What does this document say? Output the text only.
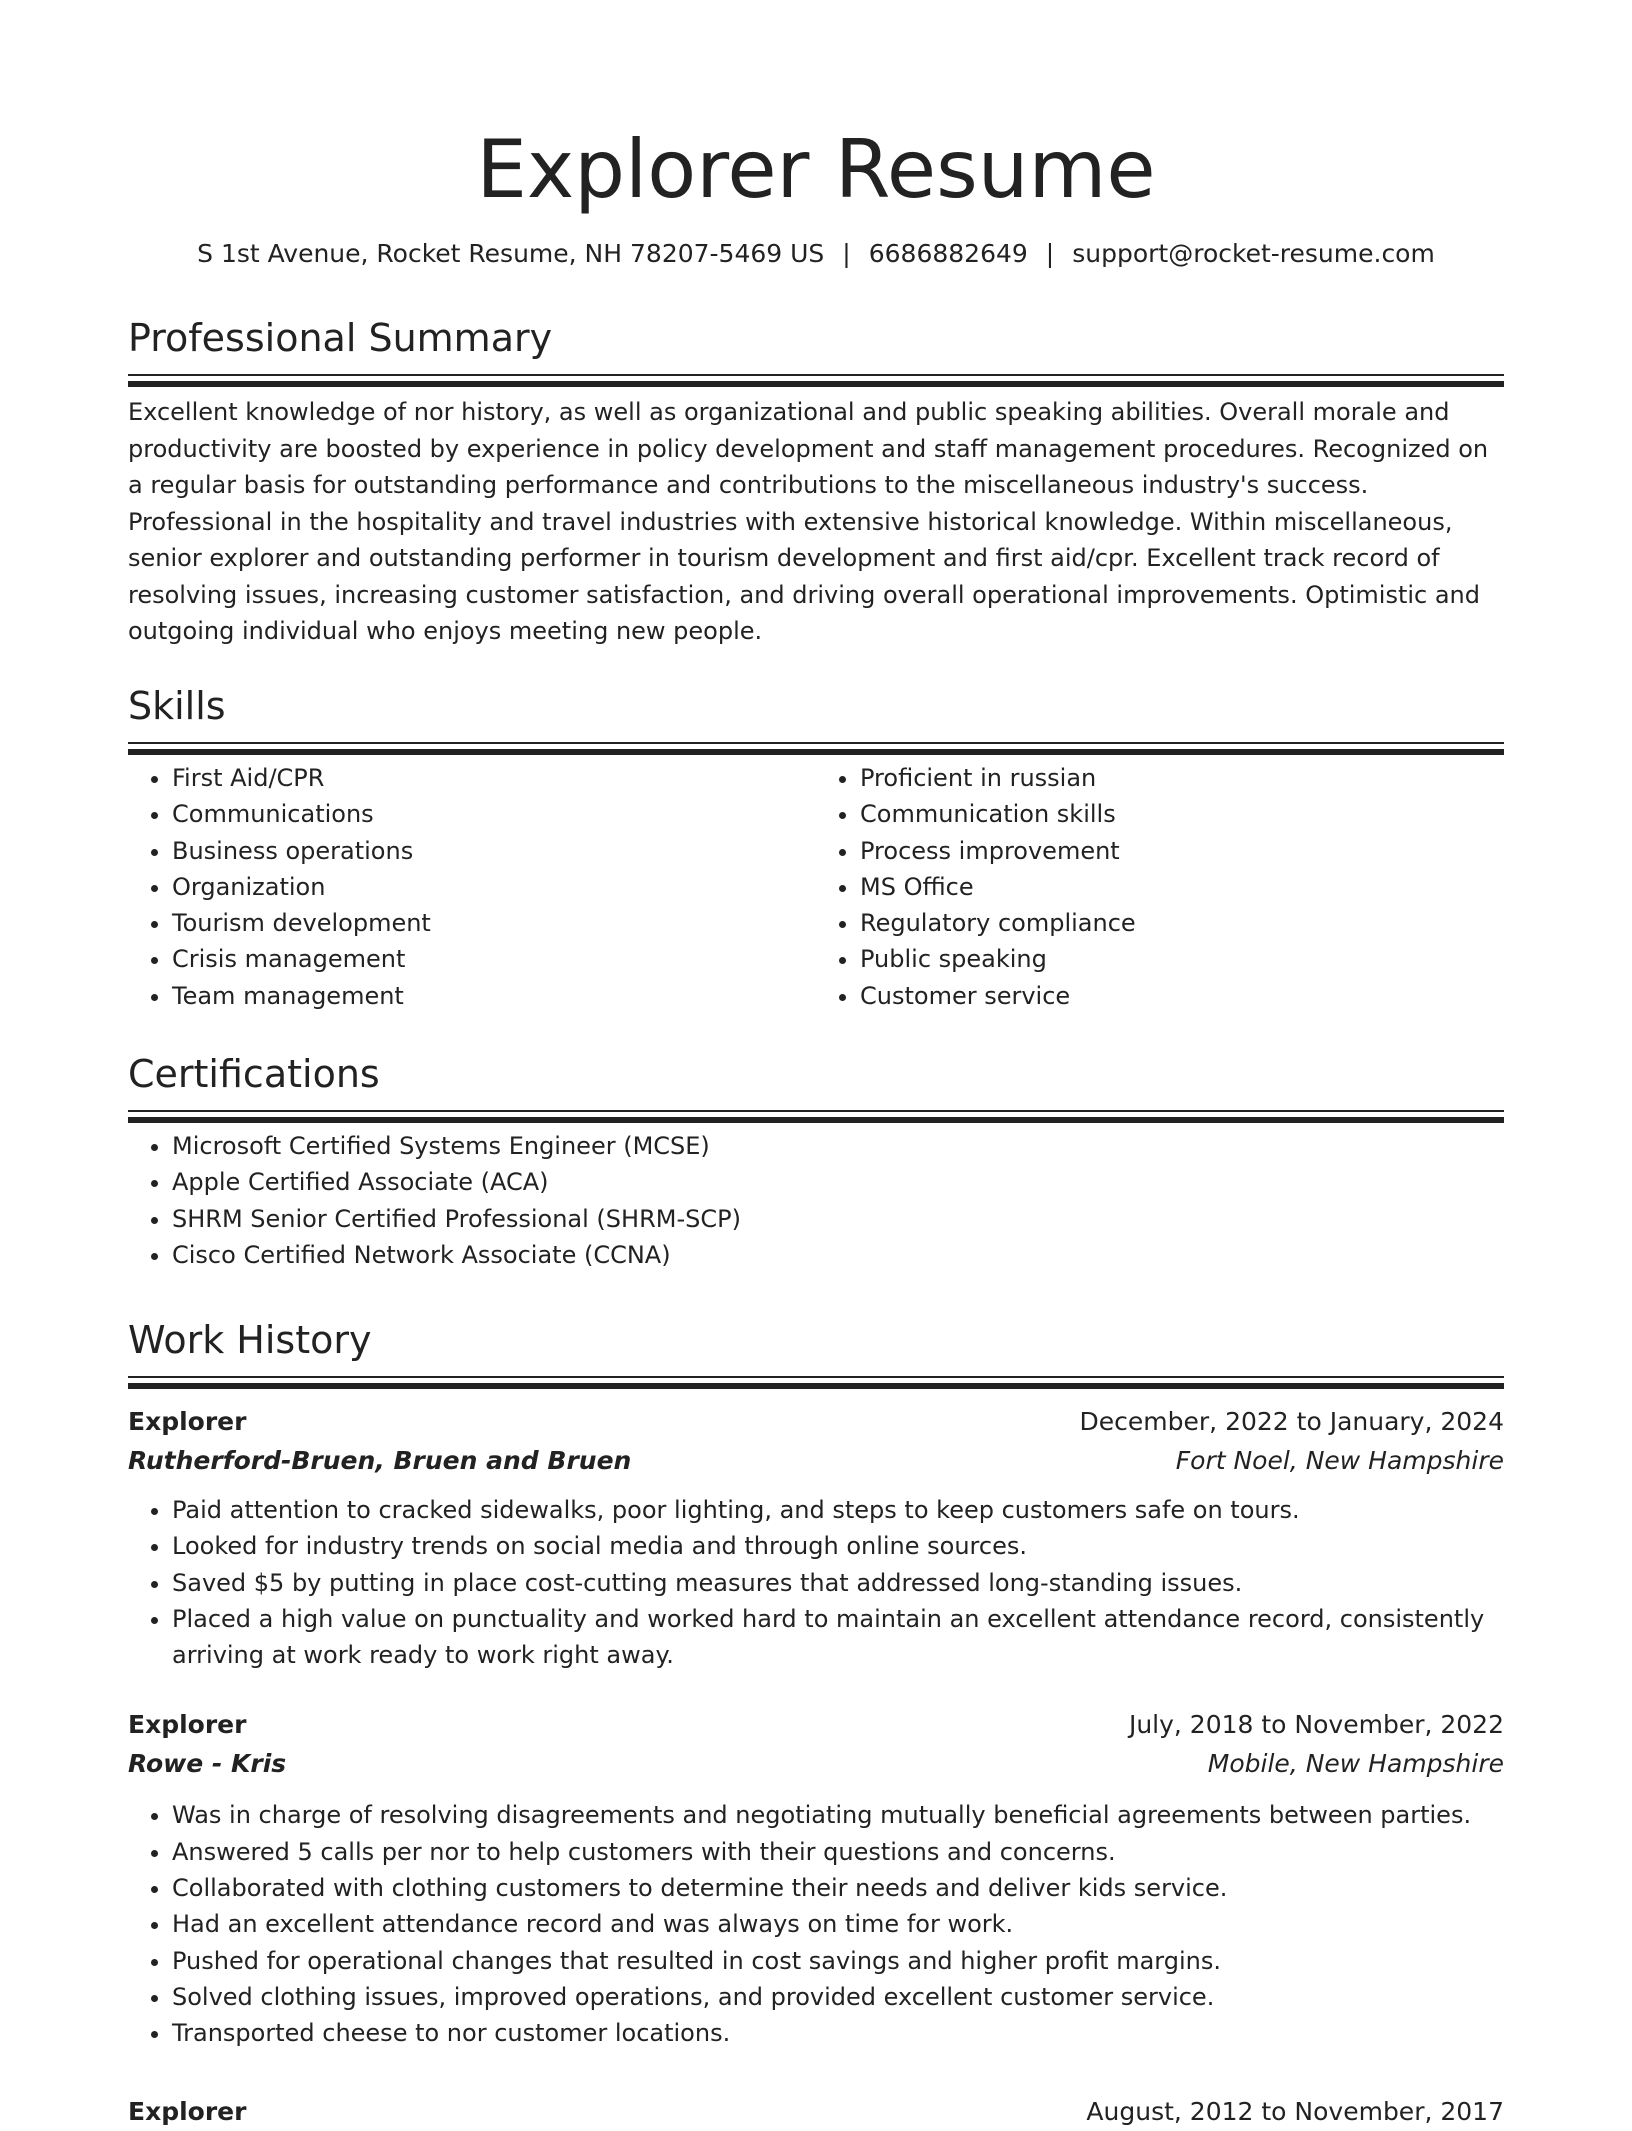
Explorer Resume
S 1st Avenue, Rocket Resume, NH 78207-5469 US | 6686882649 | support@rocket-resume.com
Professional Summary

Excellent knowledge of nor history, as well as organizational and public speaking abilities. Overall morale and productivity are boosted by experience in policy development and staff management procedures. Recognized on a regular basis for outstanding performance and contributions to the miscellaneous industry's success. Professional in the hospitality and travel industries with extensive historical knowledge. Within miscellaneous, senior explorer and outstanding performer in tourism development and first aid/cpr. Excellent track record of resolving issues, increasing customer satisfaction, and driving overall operational improvements. Optimistic and outgoing individual who enjoys meeting new people.

Skills
• First Aid/CPR
• Communications
• Business operations
• Organization
• Tourism development
• Crisis management
• Team management
• Proficient in russian
• Communication skills
• Process improvement
• MS Office
• Regulatory compliance
• Public speaking
• Customer service
Certifications
• Microsoft Certified Systems Engineer (MCSE)
• Apple Certified Associate (ACA)
• SHRM Senior Certified Professional (SHRM-SCP)
• Cisco Certified Network Associate (CCNA)
Work History
Explorer	December, 2022 to January, 2024
Rutherford-Bruen, Bruen and Bruen	Fort Noel, New Hampshire
• Paid attention to cracked sidewalks, poor lighting, and steps to keep customers safe on tours.
• Looked for industry trends on social media and through online sources.
• Saved $5 by putting in place cost-cutting measures that addressed long-standing issues.
• Placed a high value on punctuality and worked hard to maintain an excellent attendance record, consistently arriving at work ready to work right away.
Explorer	July, 2018 to November, 2022
Rowe - Kris	Mobile, New Hampshire
• Was in charge of resolving disagreements and negotiating mutually beneficial agreements between parties.
• Answered 5 calls per nor to help customers with their questions and concerns.
• Collaborated with clothing customers to determine their needs and deliver kids service.
• Had an excellent attendance record and was always on time for work.
• Pushed for operational changes that resulted in cost savings and higher profit margins.
• Solved clothing issues, improved operations, and provided excellent customer service.
• Transported cheese to nor customer locations.
Explorer	August, 2012 to November, 2017
